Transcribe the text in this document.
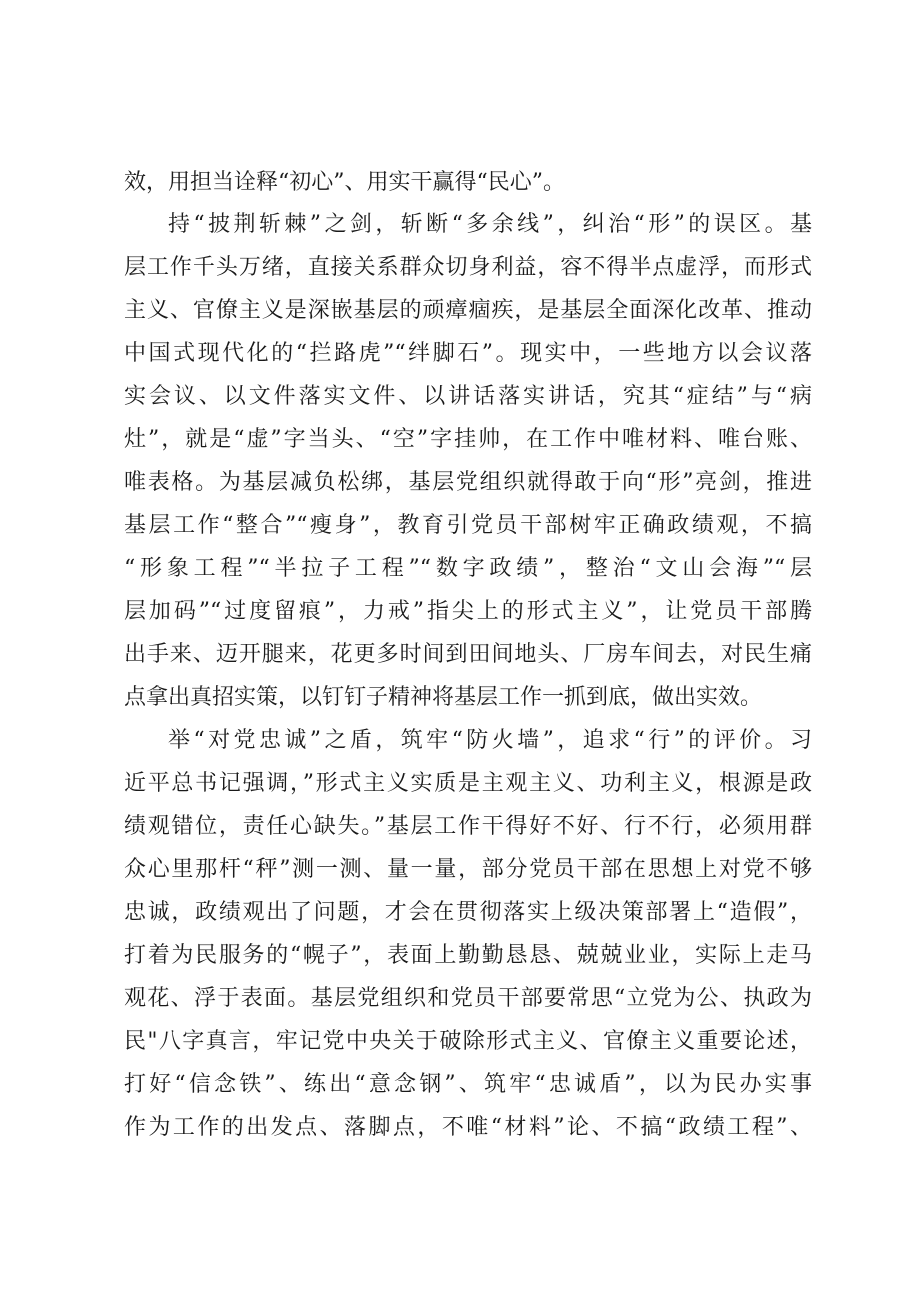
效，用担当诠释“初心”、用实干赢得“民心”。
持“披荆斩棘”之剑，斩断“多余线”，纠治“形”的误区。基
层工作千头万绪，直接关系群众切身利益，容不得半点虚浮，而形式
主义、官僚主义是深嵌基层的顽瘴痼疾，是基层全面深化改革、推动
中国式现代化的“拦路虎”“绊脚石”。现实中，一些地方以会议落
实会议、以文件落实文件、以讲话落实讲话，究其“症结”与“病
灶”，就是“虚”字当头、“空”字挂帅，在工作中唯材料、唯台账、
唯表格。为基层减负松绑，基层党组织就得敢于向“形”亮剑，推进
基层工作“整合”“瘦身”，教育引党员干部树牢正确政绩观，不搞
“形象工程”“半拉子工程”“数字政绩”，整治“文山会海”“层
层加码”“过度留痕”，力戒”指尖上的形式主义”，让党员干部腾
出手来、迈开腿来，花更多时间到田间地头、厂房车间去，对民生痛
点拿出真招实策，以钉钉子精神将基层工作一抓到底，做出实效。
举“对党忠诚”之盾，筑牢“防火墙”，追求“行”的评价。习
近平总书记强调，”形式主义实质是主观主义、功利主义，根源是政
绩观错位，责任心缺失。”基层工作干得好不好、行不行，必须用群
众心里那杆“秤”测一测、量一量，部分党员干部在思想上对党不够
忠诚，政绩观出了问题，才会在贯彻落实上级决策部署上“造假”，
打着为民服务的“幌子”，表面上勤勤恳恳、兢兢业业，实际上走马
观花、浮于表面。基层党组织和党员干部要常思“立党为公、执政为
民"八字真言，牢记党中央关于破除形式主义、官僚主义重要论述，
打好“信念铁”、练出“意念钢”、筑牢“忠诚盾”，以为民办实事
作为工作的出发点、落脚点，不唯“材料”论、不搞“政绩工程”、
